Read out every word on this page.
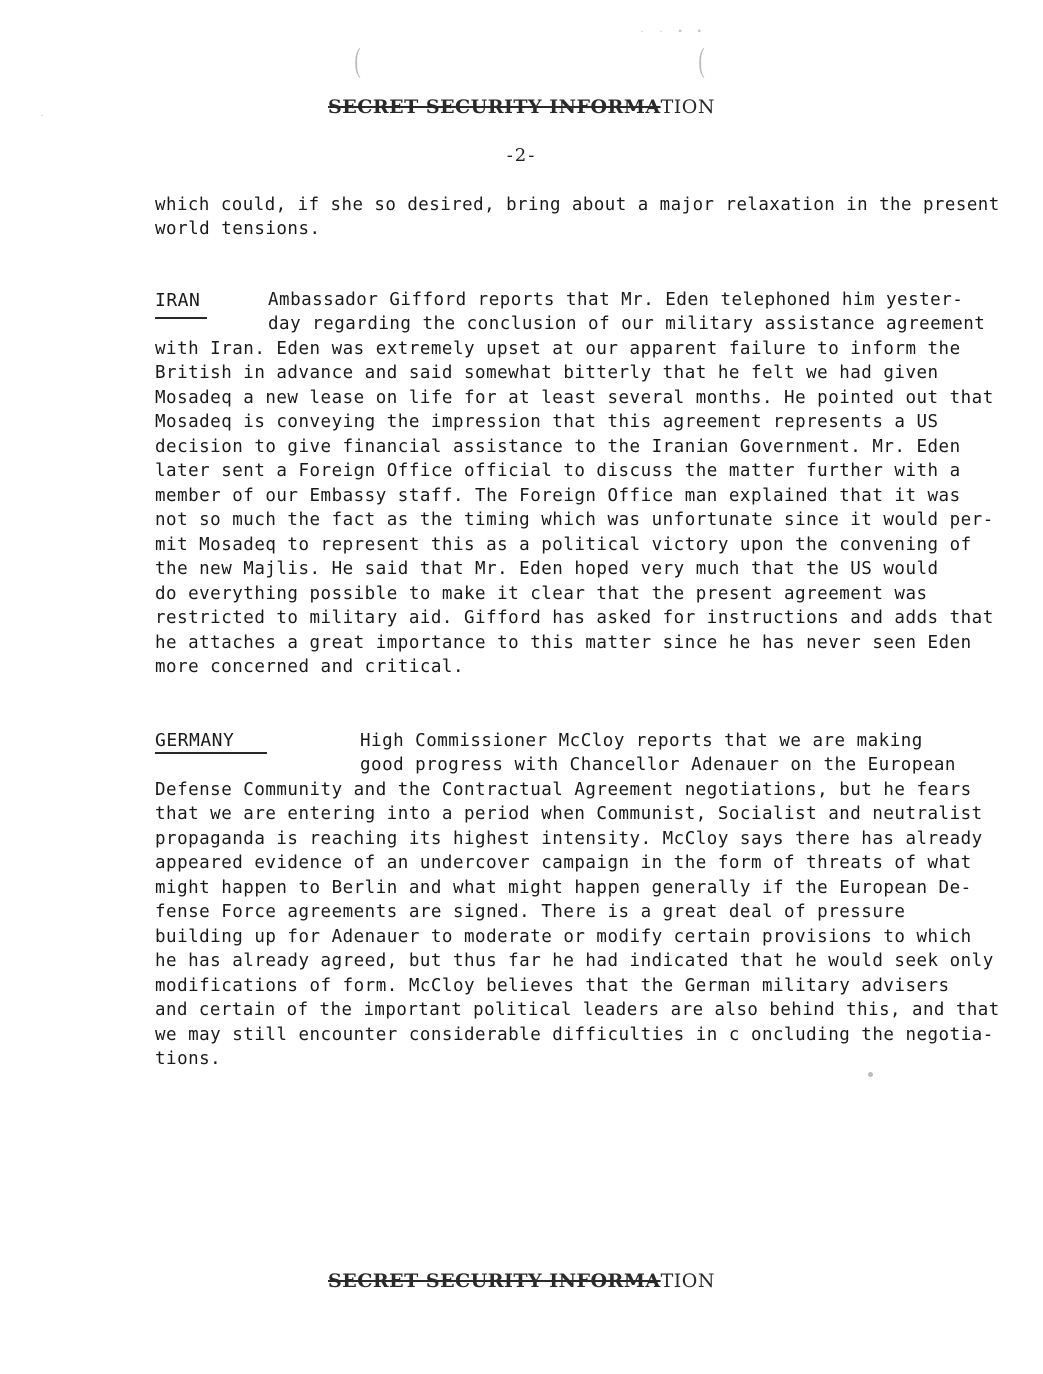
(	(
· · • •
·	SECRET SECURITY INFORMATION
-2-
which could, if she so desired, bring about a major relaxation in the present
world tensions.
IRAN	Ambassador Gifford reports that Mr. Eden telephoned him yester-
day regarding the conclusion of our military assistance agreement
with Iran. Eden was extremely upset at our apparent failure to inform the
British in advance and said somewhat bitterly that he felt we had given
Mosadeq a new lease on life for at least several months. He pointed out that
Mosadeq is conveying the impression that this agreement represents a US
decision to give financial assistance to the Iranian Government. Mr. Eden
later sent a Foreign Office official to discuss the matter further with a
member of our Embassy staff. The Foreign Office man explained that it was
not so much the fact as the timing which was unfortunate since it would per-
mit Mosadeq to represent this as a political victory upon the convening of
the new Majlis. He said that Mr. Eden hoped very much that the US would
do everything possible to make it clear that the present agreement was
restricted to military aid. Gifford has asked for instructions and adds that
he attaches a great importance to this matter since he has never seen Eden
more concerned and critical.
GERMANY	High Commissioner McCloy reports that we are making
good progress with Chancellor Adenauer on the European
Defense Community and the Contractual Agreement negotiations, but he fears
that we are entering into a period when Communist, Socialist and neutralist
propaganda is reaching its highest intensity. McCloy says there has already
appeared evidence of an undercover campaign in the form of threats of what
might happen to Berlin and what might happen generally if the European De-
fense Force agreements are signed. There is a great deal of pressure
building up for Adenauer to moderate or modify certain provisions to which
he has already agreed, but thus far he had indicated that he would seek only
modifications of form. McCloy believes that the German military advisers
and certain of the important political leaders are also behind this, and that
we may still encounter considerable difficulties in c oncluding the negotia-
tions.
SECRET SECURITY INFORMATION
